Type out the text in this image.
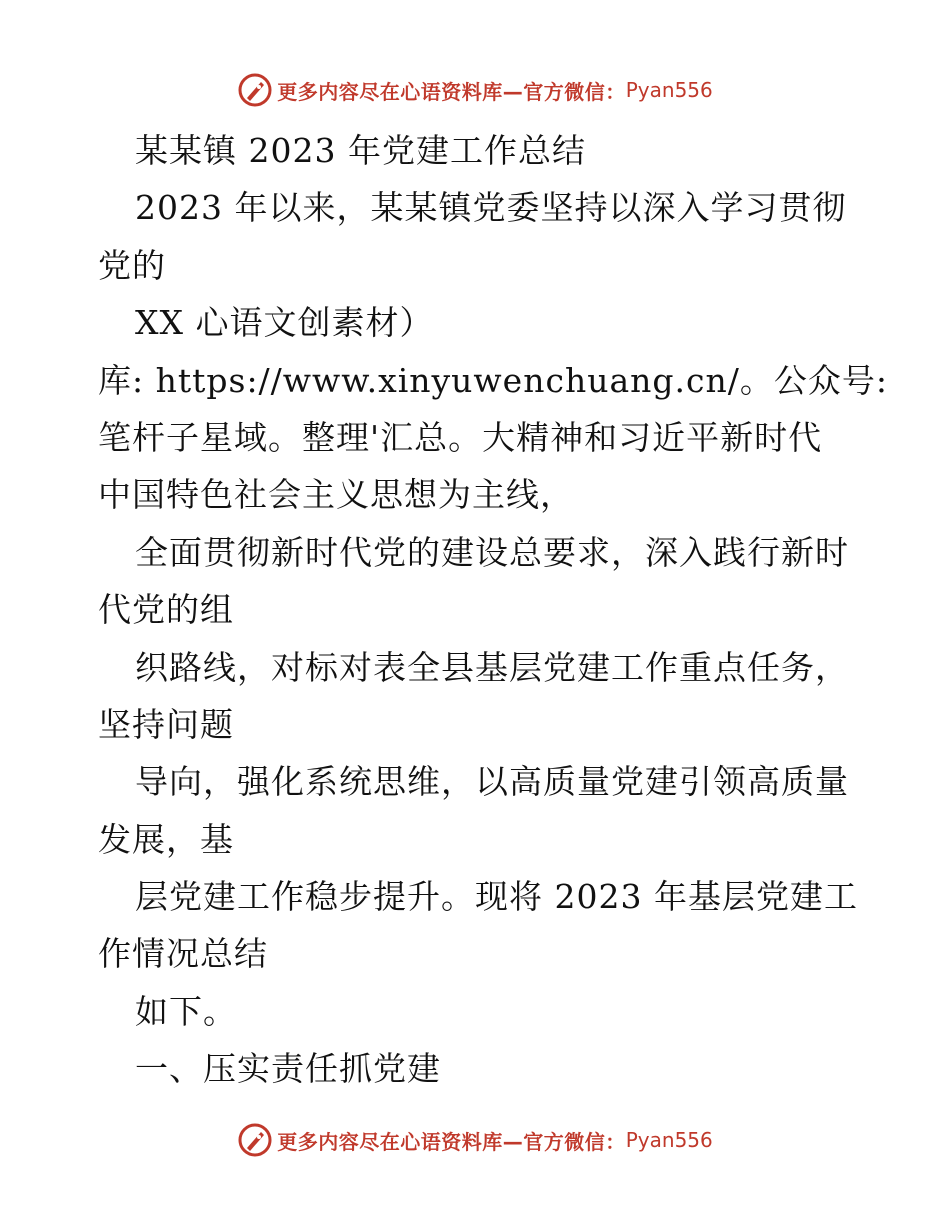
更多内容尽在心语资料库—官方微信： Pyan556
某某镇 2023 年党建工作总结
2023 年以来，某某镇党委坚持以深入学习贯彻
党的
XX 心语文创素材）
库: https://www.xinyuwenchuang.cn/。公众号:
笔杆子星域。整理'汇总。大精神和习近平新时代
中国特色社会主义思想为主线，
全面贯彻新时代党的建设总要求，深入践行新时
代党的组
织路线，对标对表全县基层党建工作重点任务，
坚持问题
导向，强化系统思维，以高质量党建引领高质量
发展，基
层党建工作稳步提升。现将 2023 年基层党建工
作情况总结
如下。
一、压实责任抓党建
更多内容尽在心语资料库—官方微信： Pyan556
